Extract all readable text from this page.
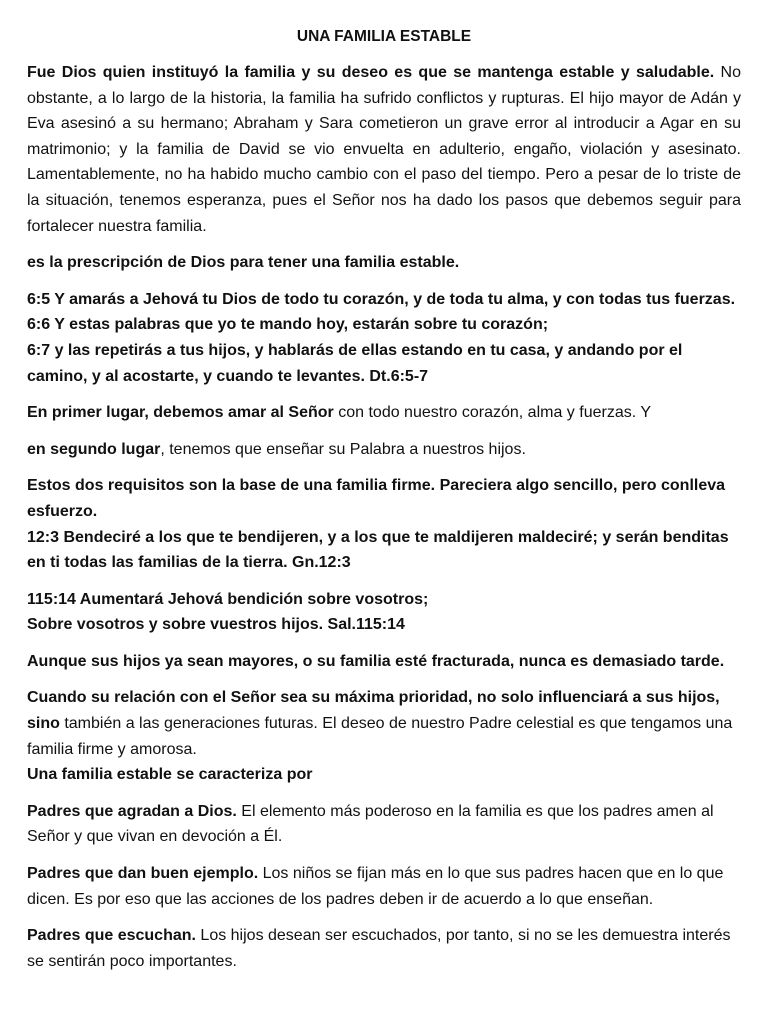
UNA FAMILIA ESTABLE

Fue Dios quien instituyó la familia y su deseo es que se mantenga estable y saludable. No obstante, a lo largo de la historia, la familia ha sufrido conflictos y rupturas. El hijo mayor de Adán y Eva asesinó a su hermano; Abraham y Sara cometieron un grave error al introducir a Agar en su matrimonio; y la familia de David se vio envuelta en adulterio, engaño, violación y asesinato. Lamentablemente, no ha habido mucho cambio con el paso del tiempo. Pero a pesar de lo triste de la situación, tenemos esperanza, pues el Señor nos ha dado los pasos que debemos seguir para fortalecer nuestra familia.

es la prescripción de Dios para tener una familia estable.

6:5 Y amarás a Jehová tu Dios de todo tu corazón, y de toda tu alma, y con todas tus fuerzas.
6:6 Y estas palabras que yo te mando hoy, estarán sobre tu corazón;
6:7 y las repetirás a tus hijos, y hablarás de ellas estando en tu casa, y andando por el camino, y al acostarte, y cuando te levantes. Dt.6:5-7

En primer lugar, debemos amar al Señor con todo nuestro corazón, alma y fuerzas. Y

en segundo lugar, tenemos que enseñar su Palabra a nuestros hijos.

Estos dos requisitos son la base de una familia firme. Pareciera algo sencillo, pero conlleva esfuerzo.
12:3 Bendeciré a los que te bendijeren, y a los que te maldijeren maldeciré; y serán benditas en ti todas las familias de la tierra. Gn.12:3

115:14 Aumentará Jehová bendición sobre vosotros;
Sobre vosotros y sobre vuestros hijos. Sal.115:14

Aunque sus hijos ya sean mayores, o su familia esté fracturada, nunca es demasiado tarde.

Cuando su relación con el Señor sea su máxima prioridad, no solo influenciará a sus hijos, sino también a las generaciones futuras. El deseo de nuestro Padre celestial es que tengamos una familia firme y amorosa.
Una familia estable se caracteriza por

Padres que agradan a Dios. El elemento más poderoso en la familia es que los padres amen al Señor y que vivan en devoción a Él.

Padres que dan buen ejemplo. Los niños se fijan más en lo que sus padres hacen que en lo que dicen. Es por eso que las acciones de los padres deben ir de acuerdo a lo que enseñan.

Padres que escuchan. Los hijos desean ser escuchados, por tanto, si no se les demuestra interés se sentirán poco importantes.
